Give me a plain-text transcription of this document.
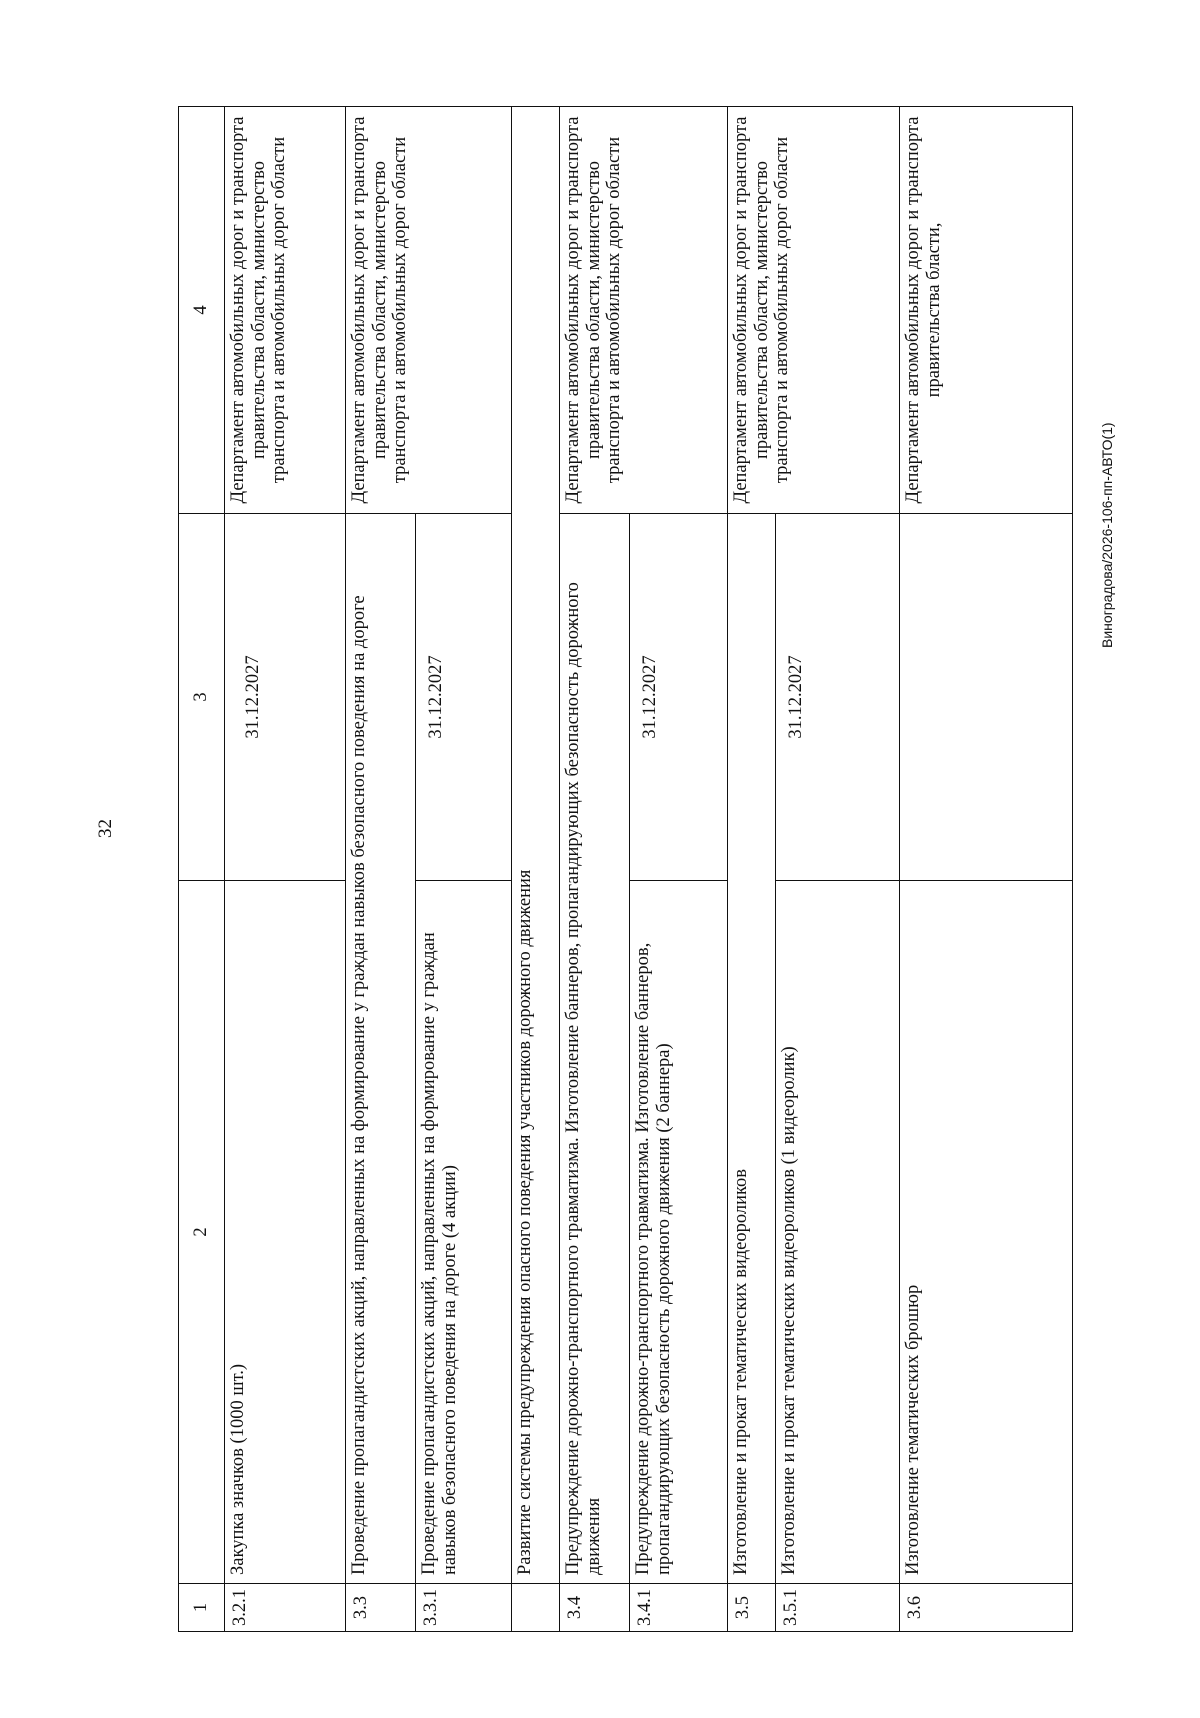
32
Виноградова/2026-106-пп-АВТО(1)
1	2	3	4
3.2.1	Закупка значков (1000 шт.)	31.12.2027	Департамент автомобильных дорог и транспорта правительства области, министерство транспорта и автомобильных дорог области
3.3	Проведение пропагандистских акций, направленных на формирование у граждан навыков безопасного поведения на дороге		Департамент автомобильных дорог и транспорта правительства области, министерство транспорта и автомобильных дорог области
3.3.1	Проведение пропагандистских акций, направленных на формирование у граждан навыков безопасного поведения на дороге (4 акции)	31.12.2027	
	Развитие системы предупреждения опасного поведения участников дорожного движения		
3.4	Предупреждение дорожно-транспортного травматизма. Изготовление баннеров, пропагандирующих безопасность дорожного движения		Департамент автомобильных дорог и транспорта правительства области, министерство транспорта и автомобильных дорог области
3.4.1	Предупреждение дорожно-транспортного травматизма. Изготовление баннеров, пропагандирующих безопасность дорожного движения (2 баннера)	31.12.2027	
3.5	Изготовление и прокат тематических видеороликов		Департамент автомобильных дорог и транспорта правительства области, министерство транспорта и автомобильных дорог области
3.5.1	Изготовление и прокат тематических видеороликов (1 видеоролик)	31.12.2027	
3.6	Изготовление тематических брошюр		Департамент автомобильных дорог и транспорта правительства бласти,
